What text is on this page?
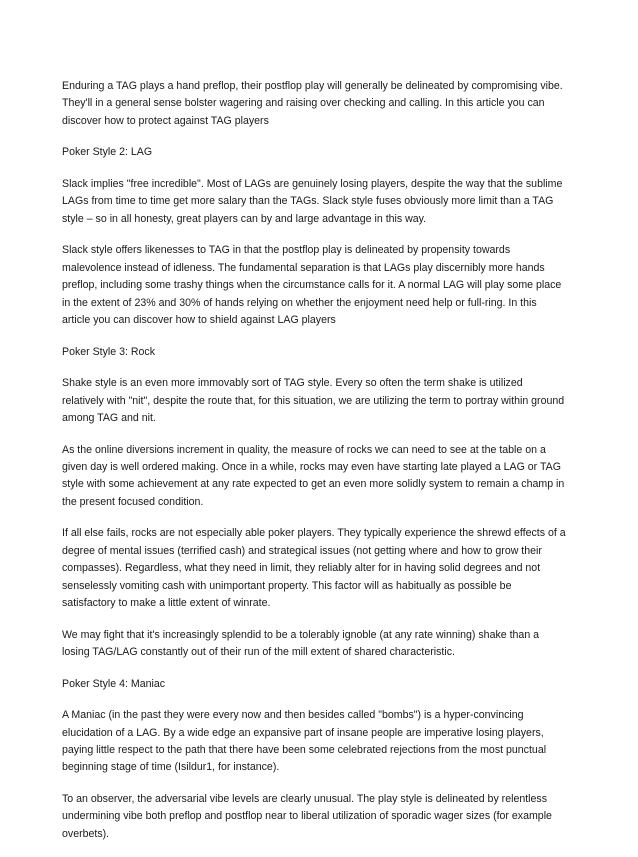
Enduring a TAG plays a hand preflop, their postflop play will generally be delineated by compromising vibe. They'll in a general sense bolster wagering and raising over checking and calling. In this article you can discover how to protect against TAG players

Poker Style 2: LAG

Slack implies "free incredible". Most of LAGs are genuinely losing players, despite the way that the sublime LAGs from time to time get more salary than the TAGs. Slack style fuses obviously more limit than a TAG style – so in all honesty, great players can by and large advantage in this way.

Slack style offers likenesses to TAG in that the postflop play is delineated by propensity towards malevolence instead of idleness. The fundamental separation is that LAGs play discernibly more hands preflop, including some trashy things when the circumstance calls for it. A normal LAG will play some place in the extent of 23% and 30% of hands relying on whether the enjoyment need help or full-ring. In this article you can discover how to shield against LAG players

Poker Style 3: Rock

Shake style is an even more immovably sort of TAG style. Every so often the term shake is utilized relatively with "nit", despite the route that, for this situation, we are utilizing the term to portray within ground among TAG and nit.

As the online diversions increment in quality, the measure of rocks we can need to see at the table on a given day is well ordered making. Once in a while, rocks may even have starting late played a LAG or TAG style with some achievement at any rate expected to get an even more solidly system to remain a champ in the present focused condition.

If all else fails, rocks are not especially able poker players. They typically experience the shrewd effects of a degree of mental issues (terrified cash) and strategical issues (not getting where and how to grow their compasses). Regardless, what they need in limit, they reliably alter for in having solid degrees and not senselessly vomiting cash with unimportant property. This factor will as habitually as possible be satisfactory to make a little extent of winrate.

We may fight that it's increasingly splendid to be a tolerably ignoble (at any rate winning) shake than a losing TAG/LAG constantly out of their run of the mill extent of shared characteristic.

Poker Style 4: Maniac

A Maniac (in the past they were every now and then besides called "bombs") is a hyper-convincing elucidation of a LAG. By a wide edge an expansive part of insane people are imperative losing players, paying little respect to the path that there have been some celebrated rejections from the most punctual beginning stage of time (Isildur1, for instance).

To an observer, the adversarial vibe levels are clearly unusual. The play style is delineated by relentless undermining vibe both preflop and postflop near to liberal utilization of sporadic wager sizes (for example overbets).
